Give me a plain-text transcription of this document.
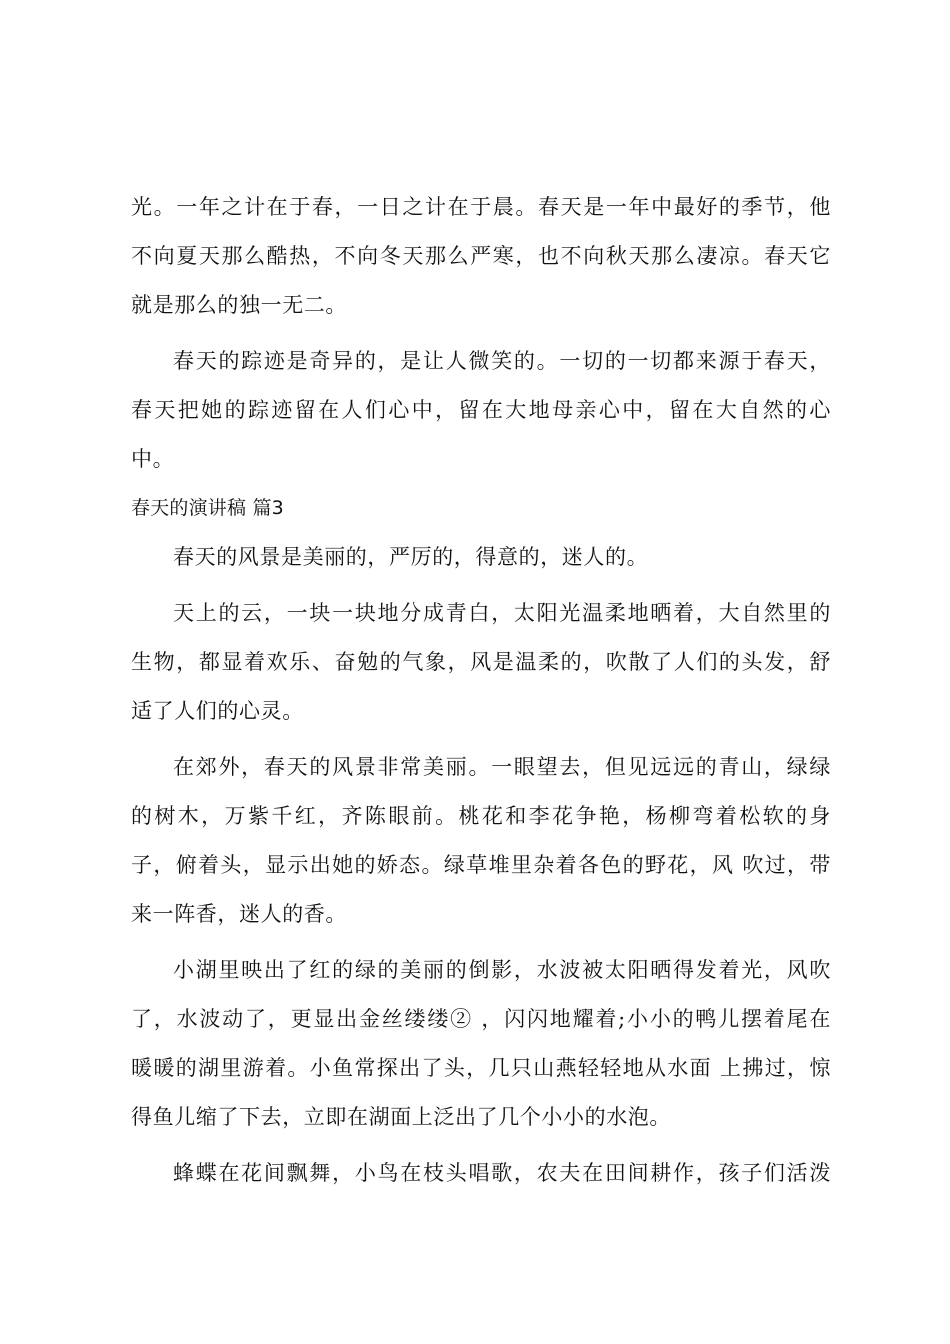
光。一年之计在于春，一日之计在于晨。春天是一年中最好的季节，他
不向夏天那么酷热，不向冬天那么严寒，也不向秋天那么凄凉。春天它
就是那么的独一无二。
春天的踪迹是奇异的，是让人微笑的。一切的一切都来源于春天，
春天把她的踪迹留在人们心中，留在大地母亲心中，留在大自然的心
中。
春天的演讲稿 篇3
春天的风景是美丽的，严厉的，得意的，迷人的。
天上的云，一块一块地分成青白，太阳光温柔地晒着，大自然里的
生物，都显着欢乐、奋勉的气象，风是温柔的，吹散了人们的头发，舒
适了人们的心灵。
在郊外，春天的风景非常美丽。一眼望去，但见远远的青山，绿绿
的树木，万紫千红，齐陈眼前。桃花和李花争艳，杨柳弯着松软的身
子，俯着头，显示出她的娇态。绿草堆里杂着各色的野花，风 吹过，带
来一阵香，迷人的香。
小湖里映出了红的绿的美丽的倒影，水波被太阳晒得发着光，风吹
了，水波动了，更显出金丝缕缕② ，闪闪地耀着;小小的鸭儿摆着尾在
暖暖的湖里游着。小鱼常探出了头，几只山燕轻轻地从水面 上拂过，惊
得鱼儿缩了下去，立即在湖面上泛出了几个小小的水泡。
蜂蝶在花间飘舞，小鸟在枝头唱歌，农夫在田间耕作，孩子们活泼
